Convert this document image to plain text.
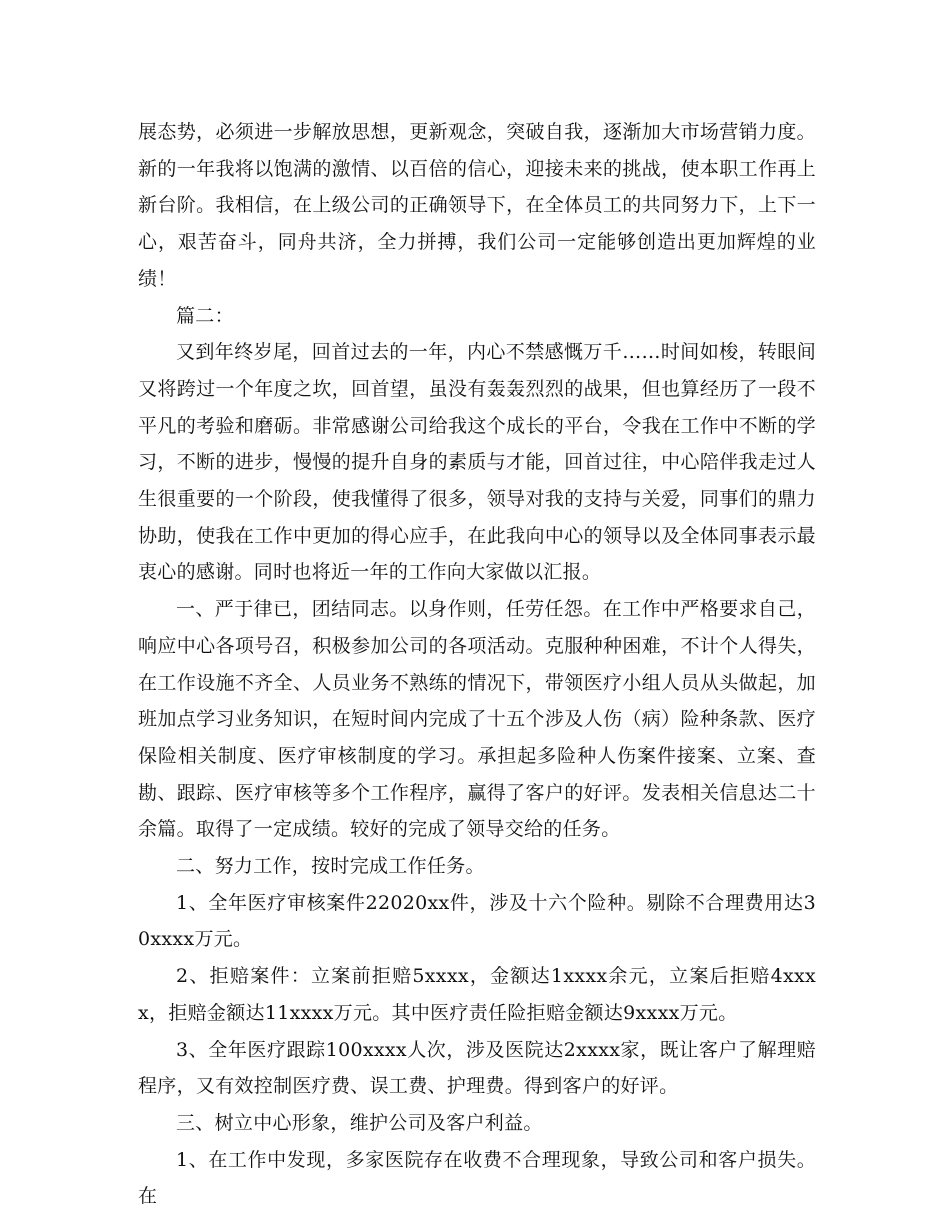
展态势，必须进一步解放思想，更新观念，突破自我，逐渐加大市场营销力度。新的一年我将以饱满的激情、以百倍的信心，迎接未来的挑战，使本职工作再上新台阶。我相信，在上级公司的正确领导下，在全体员工的共同努力下，上下一心，艰苦奋斗，同舟共济，全力拼搏，我们公司一定能够创造出更加辉煌的业绩！

篇二：

又到年终岁尾，回首过去的一年，内心不禁感慨万千……时间如梭，转眼间又将跨过一个年度之坎，回首望，虽没有轰轰烈烈的战果，但也算经历了一段不平凡的考验和磨砺。非常感谢公司给我这个成长的平台，令我在工作中不断的学习，不断的进步，慢慢的提升自身的素质与才能，回首过往，中心陪伴我走过人生很重要的一个阶段，使我懂得了很多，领导对我的支持与关爱，同事们的鼎力协助，使我在工作中更加的得心应手，在此我向中心的领导以及全体同事表示最衷心的感谢。同时也将近一年的工作向大家做以汇报。

一、严于律已，团结同志。以身作则，任劳任怨。在工作中严格要求自己，响应中心各项号召，积极参加公司的各项活动。克服种种困难，不计个人得失，在工作设施不齐全、人员业务不熟练的情况下，带领医疗小组人员从头做起，加班加点学习业务知识，在短时间内完成了十五个涉及人伤（病）险种条款、医疗保险相关制度、医疗审核制度的学习。承担起多险种人伤案件接案、立案、查勘、跟踪、医疗审核等多个工作程序，赢得了客户的好评。发表相关信息达二十余篇。取得了一定成绩。较好的完成了领导交给的任务。

二、努力工作，按时完成工作任务。

1、全年医疗审核案件22020xx件，涉及十六个险种。剔除不合理费用达30xxxx万元。

2、拒赔案件：立案前拒赔5xxxx，金额达1xxxx余元，立案后拒赔4xxxx，拒赔金额达11xxxx万元。其中医疗责任险拒赔金额达9xxxx万元。

3、全年医疗跟踪100xxxx人次，涉及医院达2xxxx家，既让客户了解理赔程序，又有效控制医疗费、误工费、护理费。得到客户的好评。

三、树立中心形象，维护公司及客户利益。

1、在工作中发现，多家医院存在收费不合理现象，导致公司和客户损失。在
